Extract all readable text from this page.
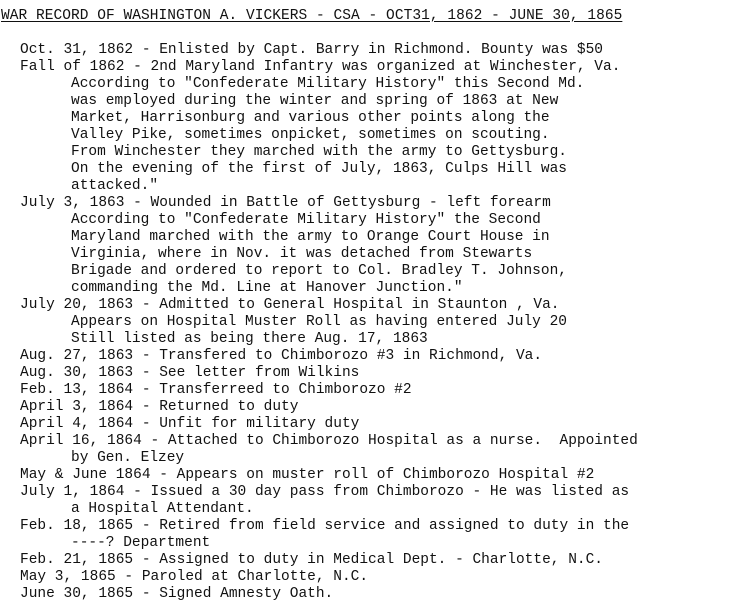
WAR RECORD OF WASHINGTON A. VICKERS - CSA - OCT31, 1862 - JUNE 30, 1865
Oct. 31, 1862 - Enlisted by Capt. Barry in Richmond. Bounty was $50
Fall of 1862 - 2nd Maryland Infantry was organized at Winchester, Va.
According to "Confederate Military History" this Second Md.
was employed during the winter and spring of 1863 at New
Market, Harrisonburg and various other points along the
Valley Pike, sometimes onpicket, sometimes on scouting.
From Winchester they marched with the army to Gettysburg.
On the evening of the first of July, 1863, Culps Hill was
attacked."
July 3, 1863 - Wounded in Battle of Gettysburg - left forearm
According to "Confederate Military History" the Second
Maryland marched with the army to Orange Court House in
Virginia, where in Nov. it was detached from Stewarts
Brigade and ordered to report to Col. Bradley T. Johnson,
commanding the Md. Line at Hanover Junction."
July 20, 1863 - Admitted to General Hospital in Staunton , Va.
Appears on Hospital Muster Roll as having entered July 20
Still listed as being there Aug. 17, 1863
Aug. 27, 1863 - Transfered to Chimborozo #3 in Richmond, Va.
Aug. 30, 1863 - See letter from Wilkins
Feb. 13, 1864 - Transferreed to Chimborozo #2
April 3, 1864 - Returned to duty
April 4, 1864 - Unfit for military duty
April 16, 1864 - Attached to Chimborozo Hospital as a nurse.  Appointed
by Gen. Elzey
May & June 1864 - Appears on muster roll of Chimborozo Hospital #2
July 1, 1864 - Issued a 30 day pass from Chimborozo - He was listed as
a Hospital Attendant.
Feb. 18, 1865 - Retired from field service and assigned to duty in the
----? Department
Feb. 21, 1865 - Assigned to duty in Medical Dept. - Charlotte, N.C.
May 3, 1865 - Paroled at Charlotte, N.C.
June 30, 1865 - Signed Amnesty Oath.
